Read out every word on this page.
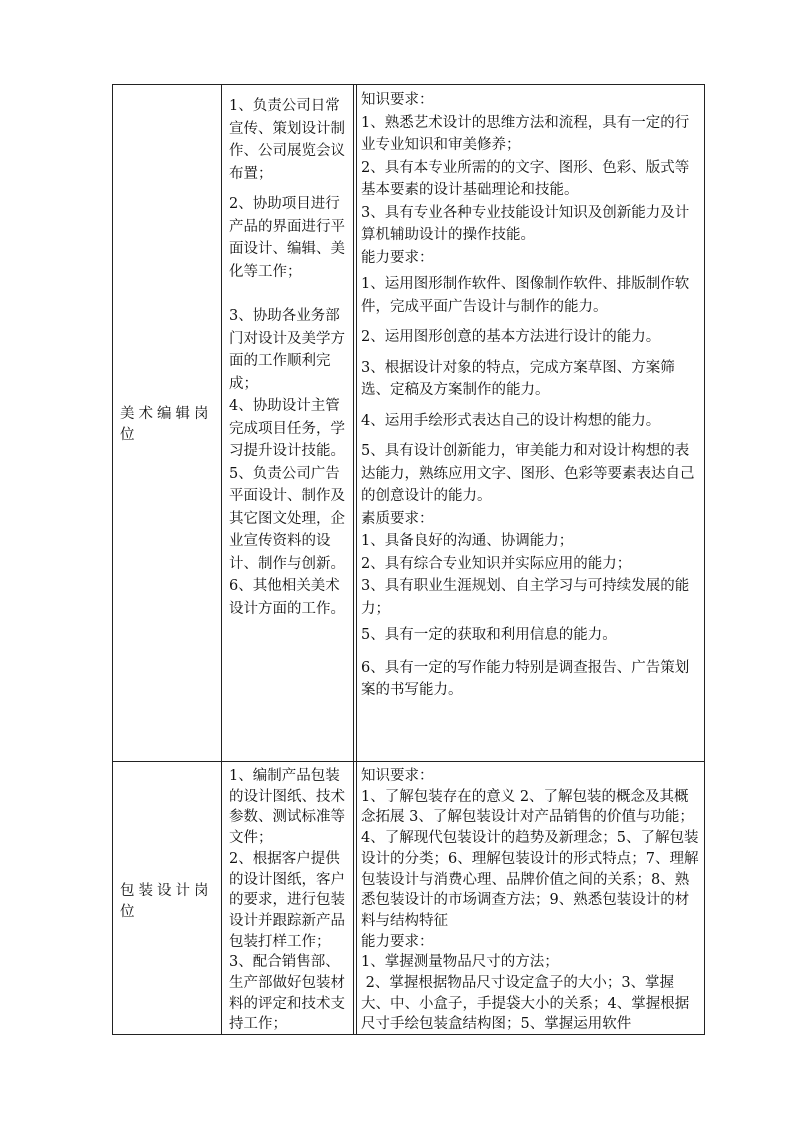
美术编辑岗位

1、负责公司日常宣传、策划设计制作、公司展览会议布置；

2、协助项目进行产品的界面进行平面设计、编辑、美化等工作；

3、协助各业务部门对设计及美学方面的工作顺利完成；

4、协助设计主管完成项目任务，学习提升设计技能。

5、负责公司广告平面设计、制作及其它图文处理，企业宣传资料的设计、制作与创新。

6、其他相关美术设计方面的工作。

知识要求：

1、熟悉艺术设计的思维方法和流程，具有一定的行业专业知识和审美修养；

2、具有本专业所需的的文字、图形、色彩、版式等基本要素的设计基础理论和技能。

3、具有专业各种专业技能设计知识及创新能力及计算机辅助设计的操作技能。

能力要求：

1、运用图形制作软件、图像制作软件、排版制作软件，完成平面广告设计与制作的能力。

2、运用图形创意的基本方法进行设计的能力。

3、根据设计对象的特点，完成方案草图、方案筛选、定稿及方案制作的能力。

4、运用手绘形式表达自己的设计构想的能力。

5、具有设计创新能力，审美能力和对设计构想的表达能力，熟练应用文字、图形、色彩等要素表达自己的创意设计的能力。

素质要求：

1、具备良好的沟通、协调能力；

2、具有综合专业知识并实际应用的能力；

3、具有职业生涯规划、自主学习与可持续发展的能力；

5、具有一定的获取和利用信息的能力。

6、具有一定的写作能力特别是调查报告、广告策划案的书写能力。

包装设计岗位

1、编制产品包装的设计图纸、技术参数、测试标准等文件；

2、根据客户提供的设计图纸，客户的要求，进行包装设计并跟踪新产品包装打样工作；

3、配合销售部、生产部做好包装材料的评定和技术支持工作；

知识要求：

1、了解包装存在的意义 2、了解包装的概念及其概念拓展 3、了解包装设计对产品销售的价值与功能；4、了解现代包装设计的趋势及新理念；5、了解包装设计的分类；6、理解包装设计的形式特点；7、理解包装设计与消费心理、品牌价值之间的关系；8、熟悉包装设计的市场调查方法；9、熟悉包装设计的材料与结构特征

能力要求：

1、掌握测量物品尺寸的方法；

2、掌握根据物品尺寸设定盒子的大小；3、掌握大、中、小盒子，手提袋大小的关系；4、掌握根据尺寸手绘包装盒结构图；5、掌握运用软件
